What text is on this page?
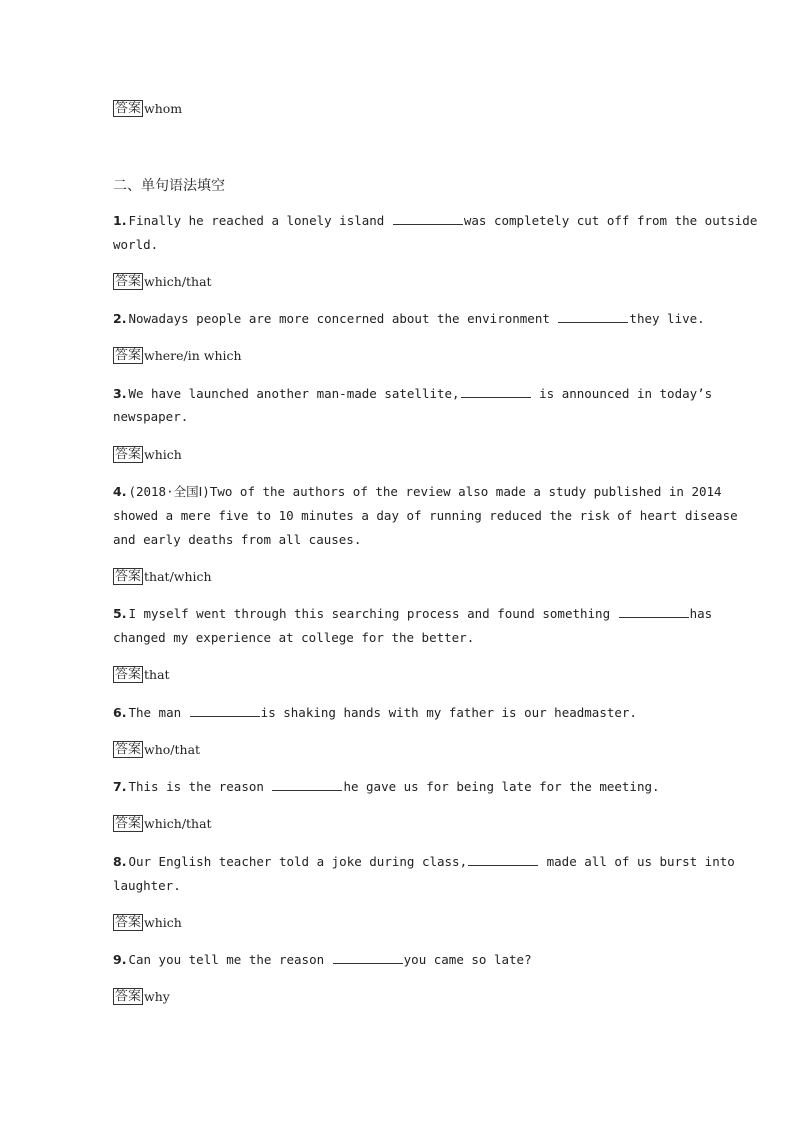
答案 whom
二、单句语法填空
1. Finally he reached a lonely island	was completely cut off from the outside
world.
答案 which/that
2. Nowadays people are more concerned about the environment	they live.
答案 where/in which
3. We have launched another man-made satellite,	is announced in today’s
newspaper.
答案 which
4. (2018·全国Ⅰ)Two of the authors of the review also made a study published in 2014
showed a mere five to 10 minutes a day of running reduced the risk of heart disease
and early deaths from all causes.
答案 that/which
5. I myself went through this searching process and found something	has
changed my experience at college for the better.
答案 that
6. The man	is shaking hands with my father is our headmaster.
答案 who/that
7. This is the reason	he gave us for being late for the meeting.
答案 which/that
8. Our English teacher told a joke during class,	made all of us burst into
laughter.
答案 which
9. Can you tell me the reason	you came so late?
答案 why
